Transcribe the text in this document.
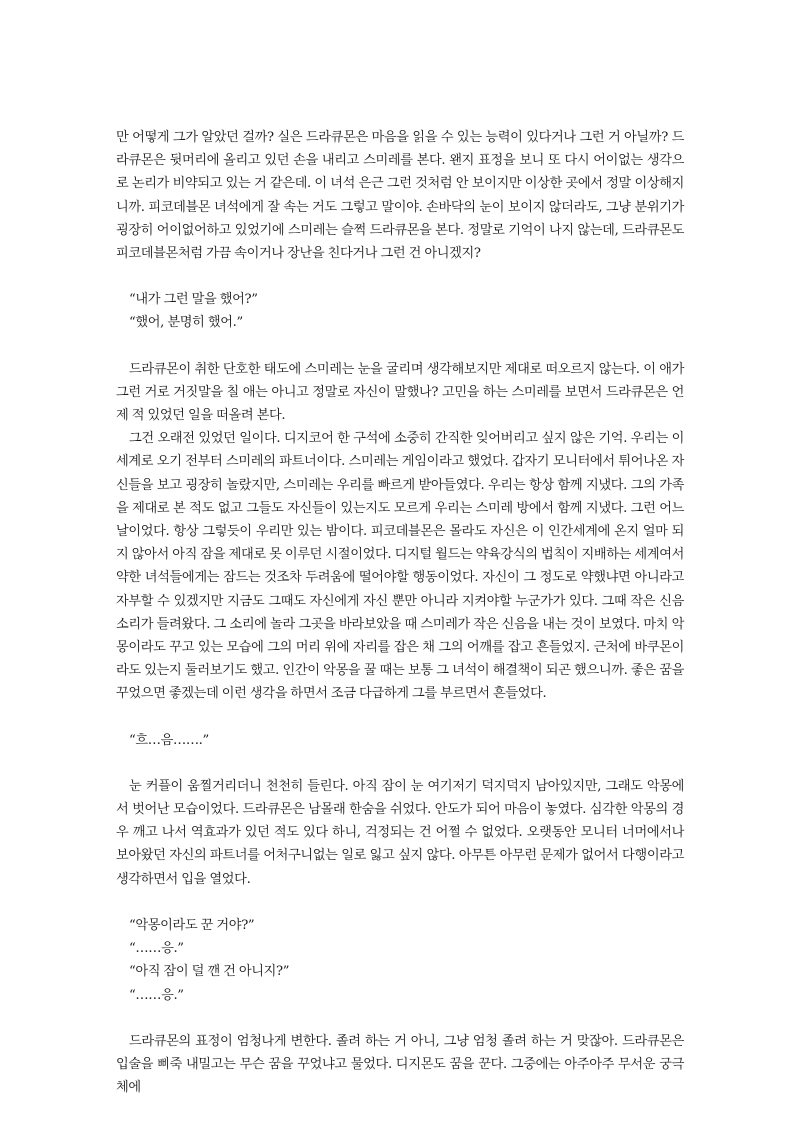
만 어떻게 그가 알았던 걸까? 실은 드라큐몬은 마음을 읽을 수 있는 능력이 있다거나 그런 거 아닐까? 드라큐몬은 뒷머리에 올리고 있던 손을 내리고 스미레를 본다. 왠지 표정을 보니 또 다시 어이없는 생각으로 논리가 비약되고 있는 거 같은데. 이 녀석 은근 그런 것처럼 안 보이지만 이상한 곳에서 정말 이상해지니까. 피코데블몬 녀석에게 잘 속는 거도 그렇고 말이야. 손바닥의 눈이 보이지 않더라도, 그냥 분위기가 굉장히 어이없어하고 있었기에 스미레는 슬쩍 드라큐몬을 본다. 정말로 기억이 나지 않는데, 드라큐몬도 피코데블몬처럼 가끔 속이거나 장난을 친다거나 그런 건 아니겠지?

“내가 그런 말을 했어?”

“했어, 분명히 했어.”

드라큐몬이 취한 단호한 태도에 스미레는 눈을 굴리며 생각해보지만 제대로 떠오르지 않는다. 이 애가 그런 거로 거짓말을 칠 애는 아니고 정말로 자신이 말했나? 고민을 하는 스미레를 보면서 드라큐몬은 언제 적 있었던 일을 떠올려 본다.

그건 오래전 있었던 일이다. 디지코어 한 구석에 소중히 간직한 잊어버리고 싶지 않은 기억. 우리는 이 세계로 오기 전부터 스미레의 파트너이다. 스미레는 게임이라고 했었다. 갑자기 모니터에서 튀어나온 자신들을 보고 굉장히 놀랐지만, 스미레는 우리를 빠르게 받아들였다. 우리는 항상 함께 지냈다. 그의 가족을 제대로 본 적도 없고 그들도 자신들이 있는지도 모르게 우리는 스미레 방에서 함께 지냈다. 그런 어느 날이었다. 항상 그렇듯이 우리만 있는 밤이다. 피코데블몬은 몰라도 자신은 이 인간세계에 온지 얼마 되지 않아서 아직 잠을 제대로 못 이루던 시절이었다. 디지털 월드는 약육강식의 법칙이 지배하는 세계여서 약한 녀석들에게는 잠드는 것조차 두려움에 떨어야할 행동이었다. 자신이 그 정도로 약했냐면 아니라고 자부할 수 있겠지만 지금도 그때도 자신에게 자신 뿐만 아니라 지켜야할 누군가가 있다. 그때 작은 신음 소리가 들려왔다. 그 소리에 놀라 그곳을 바라보았을 때 스미레가 작은 신음을 내는 것이 보였다. 마치 악몽이라도 꾸고 있는 모습에 그의 머리 위에 자리를 잡은 채 그의 어깨를 잡고 흔들었지. 근처에 바쿠몬이라도 있는지 둘러보기도 했고. 인간이 악몽을 꿀 때는 보통 그 녀석이 해결책이 되곤 했으니까. 좋은 꿈을 꾸었으면 좋겠는데 이런 생각을 하면서 조금 다급하게 그를 부르면서 흔들었다.

“흐…음…….”

눈 커플이 움찔거리더니 천천히 들린다. 아직 잠이 눈 여기저기 덕지덕지 남아있지만, 그래도 악몽에서 벗어난 모습이었다. 드라큐몬은 남몰래 한숨을 쉬었다. 안도가 되어 마음이 놓였다. 심각한 악몽의 경우 깨고 나서 역효과가 있던 적도 있다 하니, 걱정되는 건 어쩔 수 없었다. 오랫동안 모니터 너머에서나 보아왔던 자신의 파트너를 어처구니없는 일로 잃고 싶지 않다. 아무튼 아무런 문제가 없어서 다행이라고 생각하면서 입을 열었다.

“악몽이라도 꾼 거야?”

“……응.”

“아직 잠이 덜 깬 건 아니지?”

“……응.”

드라큐몬의 표정이 엄청나게 변한다. 졸려 하는 거 아니, 그냥 엄청 졸려 하는 거 맞잖아. 드라큐몬은 입술을 삐죽 내밀고는 무슨 꿈을 꾸었냐고 물었다. 디지몬도 꿈을 꾼다. 그중에는 아주아주 무서운 궁극체에
